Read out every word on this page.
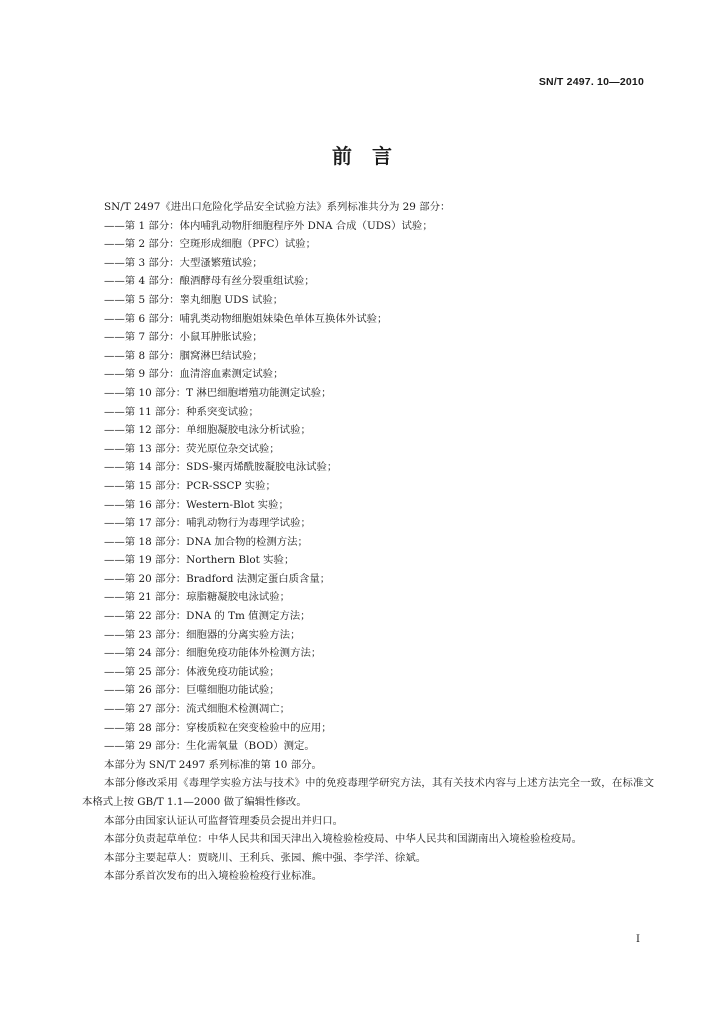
SN/T 2497. 10—2010
前　言

SN/T 2497《进出口危险化学品安全试验方法》系列标准共分为 29 部分：

——第 1 部分：体内哺乳动物肝细胞程序外 DNA 合成（UDS）试验；

——第 2 部分：空斑形成细胞（PFC）试验；

——第 3 部分：大型溞繁殖试验；

——第 4 部分：酿酒酵母有丝分裂重组试验；

——第 5 部分：睾丸细胞 UDS 试验；

——第 6 部分：哺乳类动物细胞姐妹染色单体互换体外试验；

——第 7 部分：小鼠耳肿胀试验；

——第 8 部分：腘窝淋巴结试验；

——第 9 部分：血清溶血素测定试验；

——第 10 部分：T 淋巴细胞增殖功能测定试验；

——第 11 部分：种系突变试验；

——第 12 部分：单细胞凝胶电泳分析试验；

——第 13 部分：荧光原位杂交试验；

——第 14 部分：SDS-聚丙烯酰胺凝胶电泳试验；

——第 15 部分：PCR-SSCP 实验；

——第 16 部分：Western-Blot 实验；

——第 17 部分：哺乳动物行为毒理学试验；

——第 18 部分：DNA 加合物的检测方法；

——第 19 部分：Northern Blot 实验；

——第 20 部分：Bradford 法测定蛋白质含量；

——第 21 部分：琼脂糖凝胶电泳试验；

——第 22 部分：DNA 的 Tm 值测定方法；

——第 23 部分：细胞器的分离实验方法；

——第 24 部分：细胞免疫功能体外检测方法；

——第 25 部分：体液免疫功能试验；

——第 26 部分：巨噬细胞功能试验；

——第 27 部分：流式细胞术检测凋亡；

——第 28 部分：穿梭质粒在突变检验中的应用；

——第 29 部分：生化需氧量（BOD）测定。

本部分为 SN/T 2497 系列标准的第 10 部分。

本部分修改采用《毒理学实验方法与技术》中的免疫毒理学研究方法，其有关技术内容与上述方法完全一致，在标准文本格式上按 GB/T 1.1—2000 做了编辑性修改。

本部分由国家认证认可监督管理委员会提出并归口。

本部分负责起草单位：中华人民共和国天津出入境检验检疫局、中华人民共和国湖南出入境检验检疫局。

本部分主要起草人：贾晓川、王利兵、张园、熊中强、李学洋、徐斌。

本部分系首次发布的出入境检验检疫行业标准。

I
